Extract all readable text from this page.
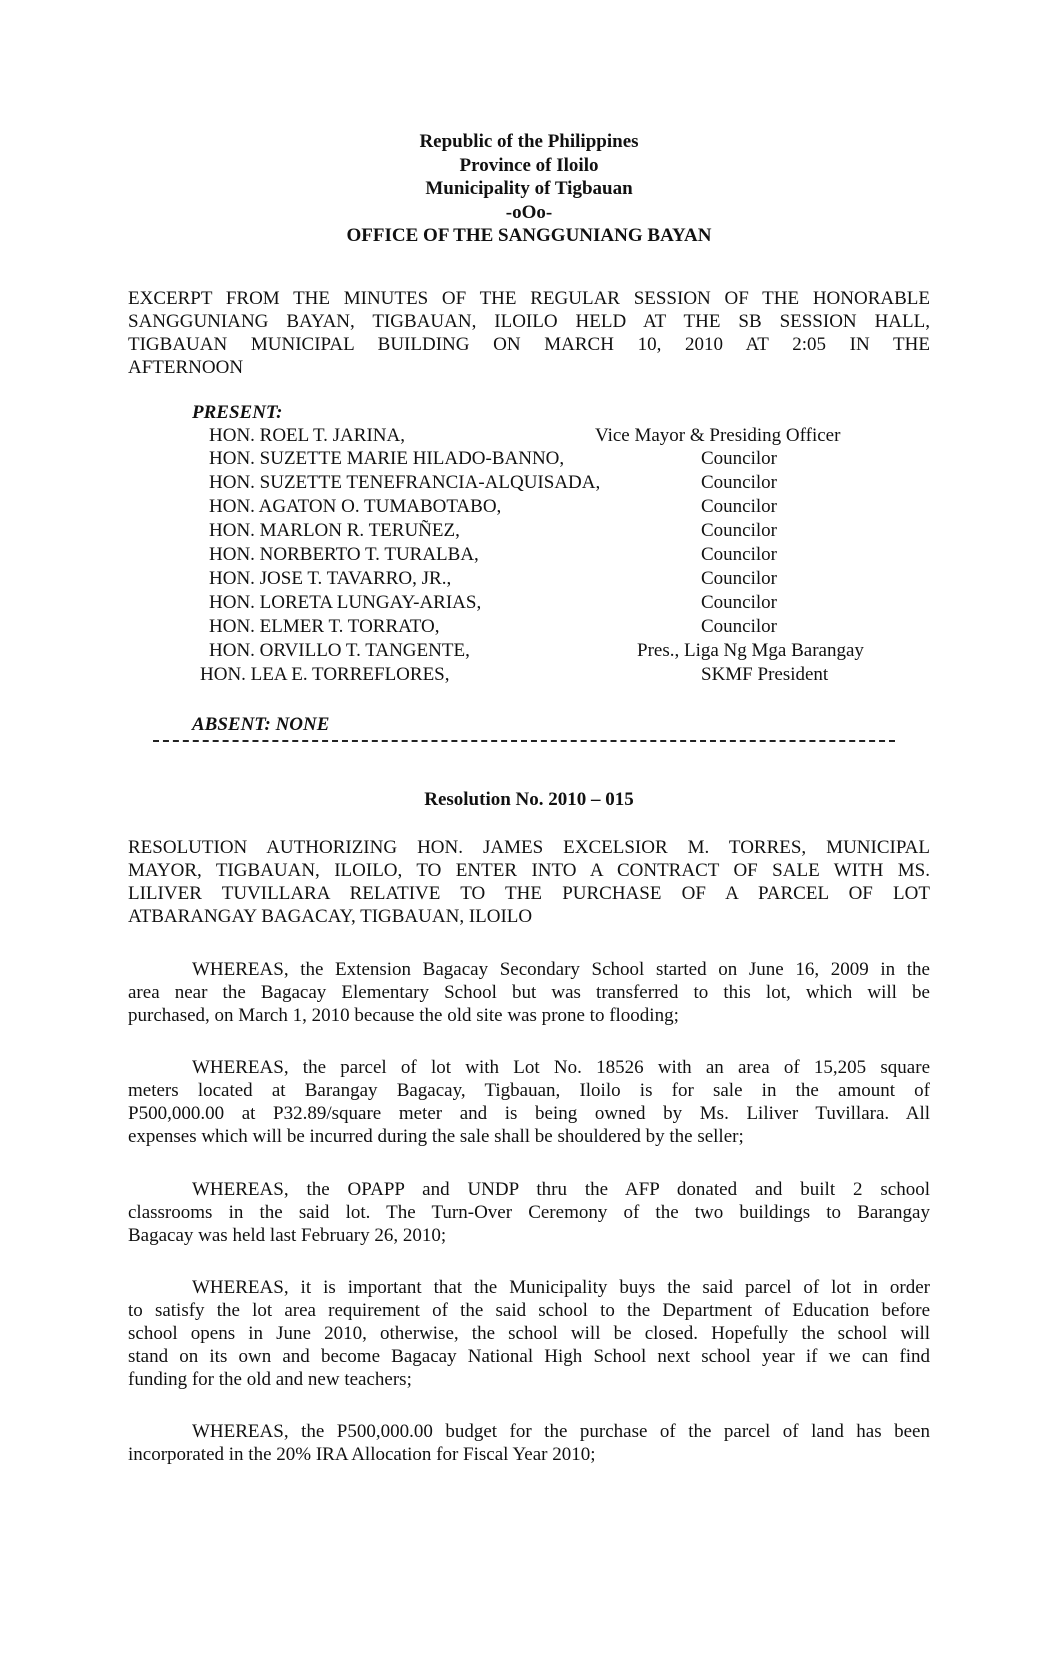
Republic of the Philippines
Province of Iloilo
Municipality of Tigbauan
-oOo-
OFFICE OF THE SANGGUNIANG BAYAN
EXCERPT FROM THE MINUTES OF THE REGULAR SESSION OF THE HONORABLE
SANGGUNIANG BAYAN, TIGBAUAN, ILOILO HELD AT THE SB SESSION HALL,
TIGBAUAN MUNICIPAL BUILDING ON MARCH 10, 2010 AT 2:05 IN THE
AFTERNOON
PRESENT:
HON. ROEL T. JARINA,	Vice Mayor & Presiding Officer
HON. SUZETTE MARIE HILADO-BANNO,	Councilor
HON. SUZETTE TENEFRANCIA-ALQUISADA,	Councilor
HON. AGATON O. TUMABOTABO,	Councilor
HON. MARLON R. TERUÑEZ,	Councilor
HON. NORBERTO T. TURALBA,	Councilor
HON. JOSE T. TAVARRO, JR.,	Councilor
HON. LORETA LUNGAY-ARIAS,	Councilor
HON. ELMER T. TORRATO,	Councilor
HON. ORVILLO T. TANGENTE,	Pres., Liga Ng Mga Barangay
HON. LEA E. TORREFLORES,	SKMF President
ABSENT: NONE
Resolution No. 2010 – 015
RESOLUTION AUTHORIZING HON. JAMES EXCELSIOR M. TORRES, MUNICIPAL
MAYOR, TIGBAUAN, ILOILO, TO ENTER INTO A CONTRACT OF SALE WITH MS.
LILIVER TUVILLARA RELATIVE TO THE PURCHASE OF A PARCEL OF LOT
ATBARANGAY BAGACAY, TIGBAUAN, ILOILO
WHEREAS, the Extension Bagacay Secondary School started on June 16, 2009 in the
area near the Bagacay Elementary School but was transferred to this lot, which will be
purchased, on March 1, 2010 because the old site was prone to flooding;
WHEREAS, the parcel of lot with Lot No. 18526 with an area of 15,205 square
meters located at Barangay Bagacay, Tigbauan, Iloilo is for sale in the amount of
P500,000.00 at P32.89/square meter and is being owned by Ms. Liliver Tuvillara. All
expenses which will be incurred during the sale shall be shouldered by the seller;
WHEREAS, the OPAPP and UNDP thru the AFP donated and built 2 school
classrooms in the said lot. The Turn-Over Ceremony of the two buildings to Barangay
Bagacay was held last February 26, 2010;
WHEREAS, it is important that the Municipality buys the said parcel of lot in order
to satisfy the lot area requirement of the said school to the Department of Education before
school opens in June 2010, otherwise, the school will be closed. Hopefully the school will
stand on its own and become Bagacay National High School next school year if we can find
funding for the old and new teachers;
WHEREAS, the P500,000.00 budget for the purchase of the parcel of land has been
incorporated in the 20% IRA Allocation for Fiscal Year 2010;
